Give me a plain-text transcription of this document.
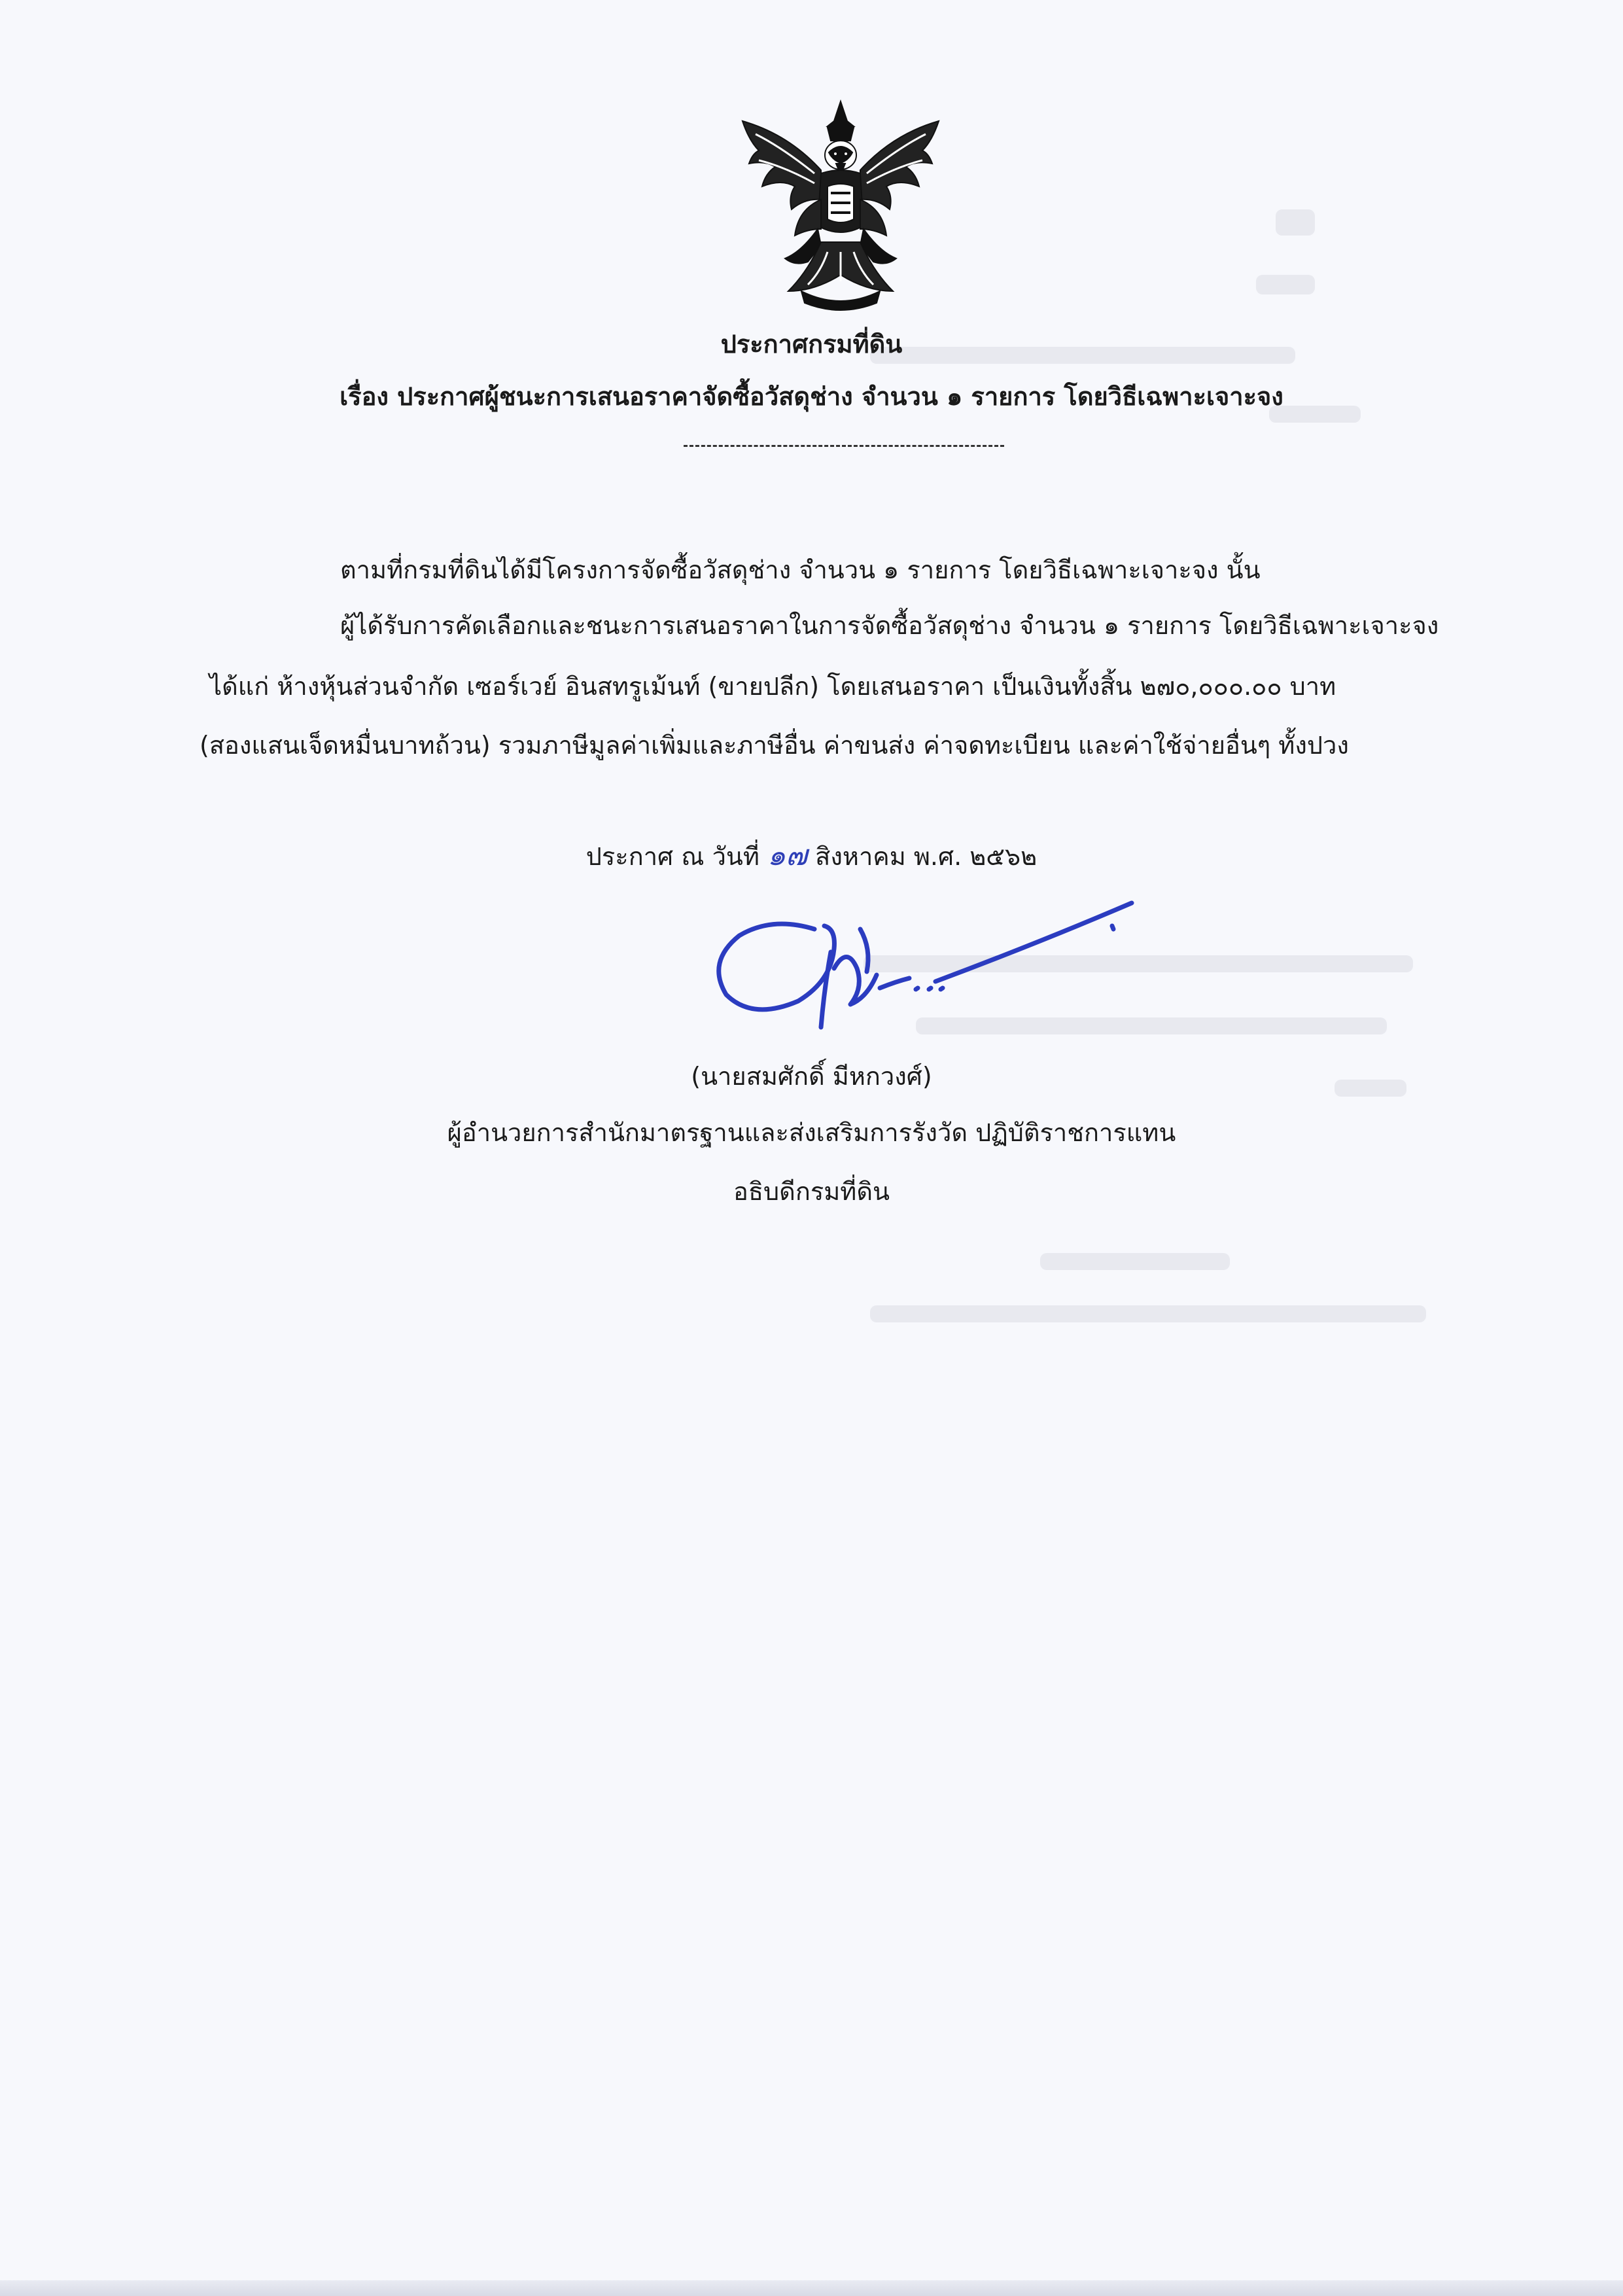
ประกาศกรมที่ดิน
เรื่อง ประกาศผู้ชนะการเสนอราคาจัดซื้อวัสดุช่าง จำนวน ๑ รายการ โดยวิธีเฉพาะเจาะจง
ตามที่กรมที่ดินได้มีโครงการจัดซื้อวัสดุช่าง จำนวน ๑ รายการ โดยวิธีเฉพาะเจาะจง นั้น
ผู้ได้รับการคัดเลือกและชนะการเสนอราคาในการจัดซื้อวัสดุช่าง จำนวน ๑ รายการ โดยวิธีเฉพาะเจาะจง
ได้แก่ ห้างหุ้นส่วนจำกัด เซอร์เวย์ อินสทรูเม้นท์ (ขายปลีก) โดยเสนอราคา เป็นเงินทั้งสิ้น ๒๗๐,๐๐๐.๐๐ บาท
(สองแสนเจ็ดหมื่นบาทถ้วน) รวมภาษีมูลค่าเพิ่มและภาษีอื่น ค่าขนส่ง ค่าจดทะเบียน และค่าใช้จ่ายอื่นๆ ทั้งปวง
ประกาศ ณ วันที่ ๑๗ สิงหาคม พ.ศ. ๒๕๖๒
(นายสมศักดิ์ มีหกวงศ์)
ผู้อำนวยการสำนักมาตรฐานและส่งเสริมการรังวัด ปฏิบัติราชการแทน
อธิบดีกรมที่ดิน
